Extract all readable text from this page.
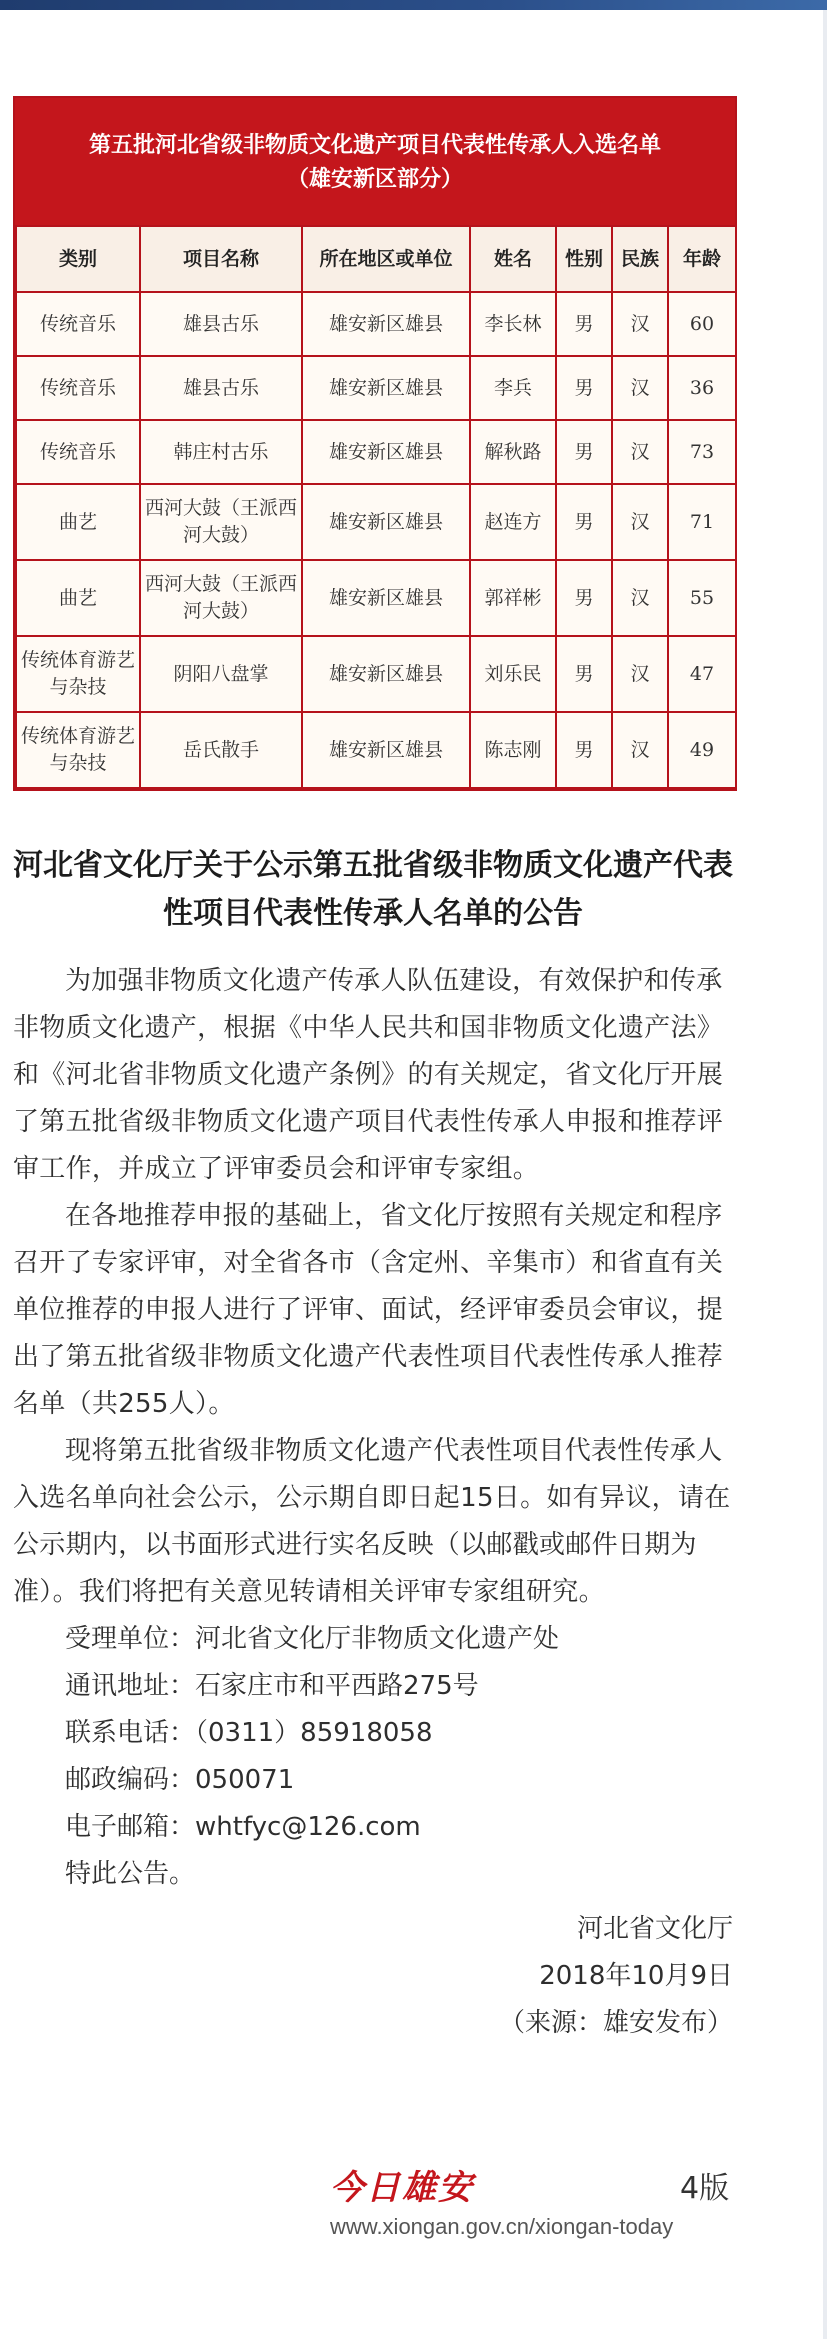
第五批河北省级非物质文化遗产项目代表性传承人入选名单
（雄安新区部分）
类别	项目名称	所在地区或单位	姓名	性别	民族	年龄
传统音乐	雄县古乐	雄安新区雄县	李长林	男	汉	60
传统音乐	雄县古乐	雄安新区雄县	李兵	男	汉	36
传统音乐	韩庄村古乐	雄安新区雄县	解秋路	男	汉	73
曲艺	西河大鼓（王派西河大鼓）	雄安新区雄县	赵连方	男	汉	71
曲艺	西河大鼓（王派西河大鼓）	雄安新区雄县	郭祥彬	男	汉	55
传统体育游艺与杂技	阴阳八盘掌	雄安新区雄县	刘乐民	男	汉	47
传统体育游艺与杂技	岳氏散手	雄安新区雄县	陈志刚	男	汉	49
河北省文化厅关于公示第五批省级非物质文化遗产代表性项目代表性传承人名单的公告

为加强非物质文化遗产传承人队伍建设，有效保护和传承非物质文化遗产，根据《中华人民共和国非物质文化遗产法》和《河北省非物质文化遗产条例》的有关规定，省文化厅开展了第五批省级非物质文化遗产项目代表性传承人申报和推荐评审工作，并成立了评审委员会和评审专家组。

在各地推荐申报的基础上，省文化厅按照有关规定和程序召开了专家评审，对全省各市（含定州、辛集市）和省直有关单位推荐的申报人进行了评审、面试，经评审委员会审议，提出了第五批省级非物质文化遗产代表性项目代表性传承人推荐名单（共255人）。

现将第五批省级非物质文化遗产代表性项目代表性传承人入选名单向社会公示，公示期自即日起15日。如有异议，请在公示期内，以书面形式进行实名反映（以邮戳或邮件日期为准）。我们将把有关意见转请相关评审专家组研究。

受理单位：河北省文化厅非物质文化遗产处

通讯地址：石家庄市和平西路275号

联系电话：（0311）85918058

邮政编码：050071

电子邮箱：whtfyc@126.com

特此公告。

河北省文化厅

2018年10月9日

（来源：雄安发布）

今日雄安	4版
www.xiongan.gov.cn/xiongan-today
